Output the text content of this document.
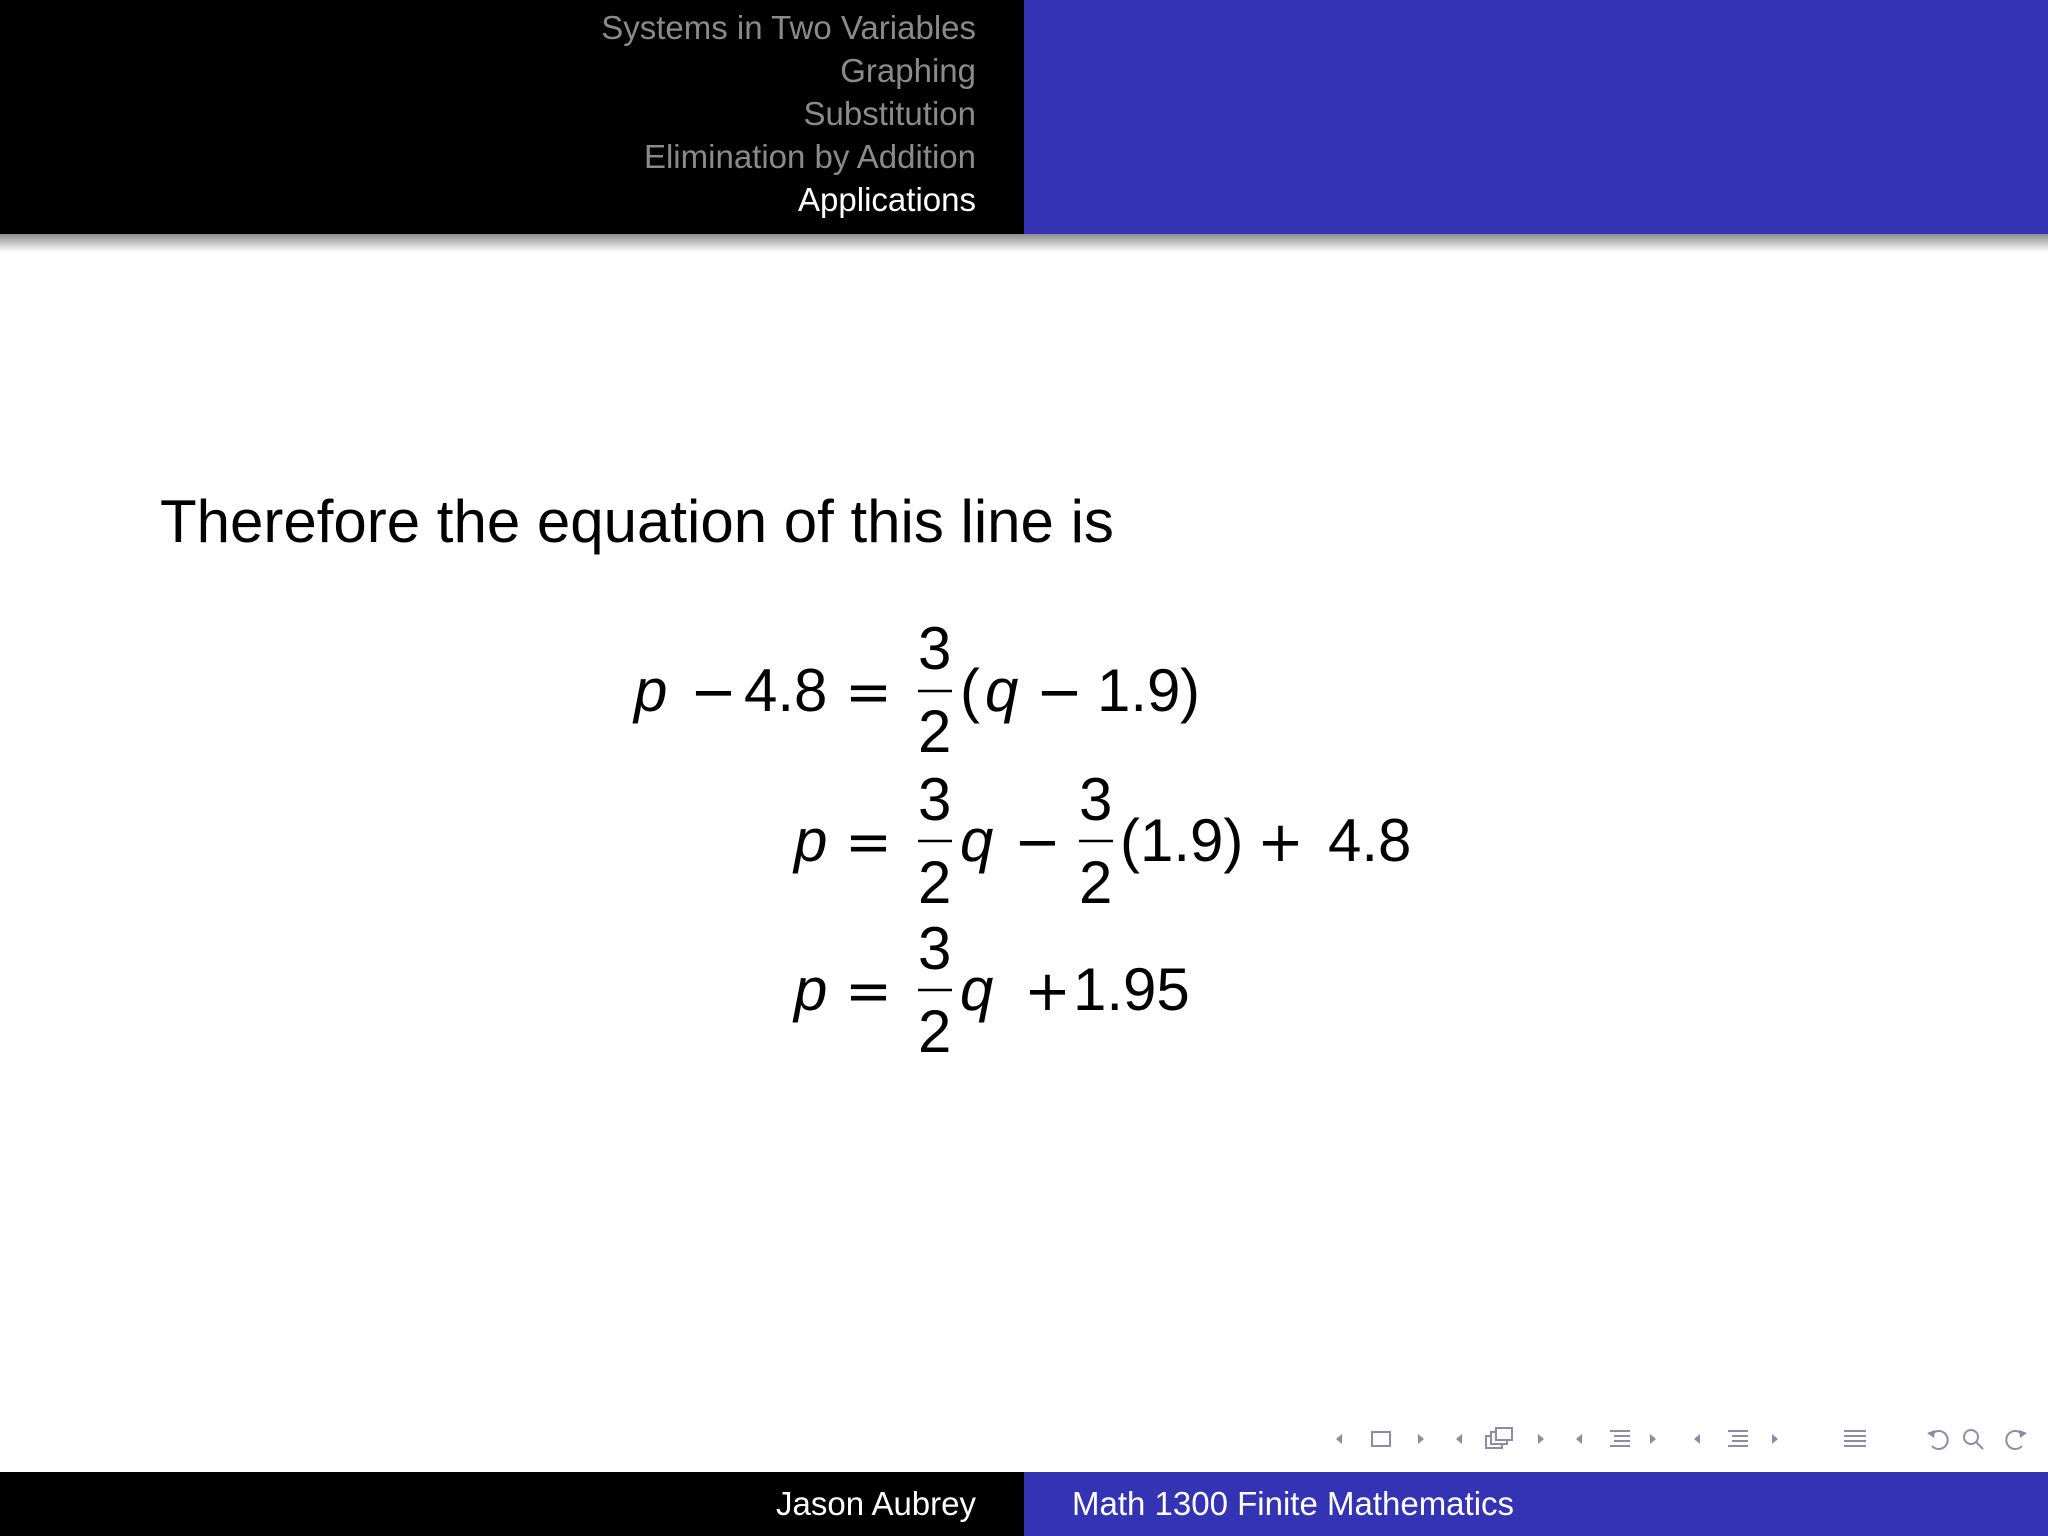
Systems in Two Variables
Graphing
Substitution
Elimination by Addition
Applications
Therefore the equation of this line is
p − 4.8 =
3
2
( q − 1.9 )
p =
3
2
q −
3
2
(1.9) + 4.8
p =
3
2
q + 1.95
Jason Aubrey	Math 1300 Finite Mathematics
